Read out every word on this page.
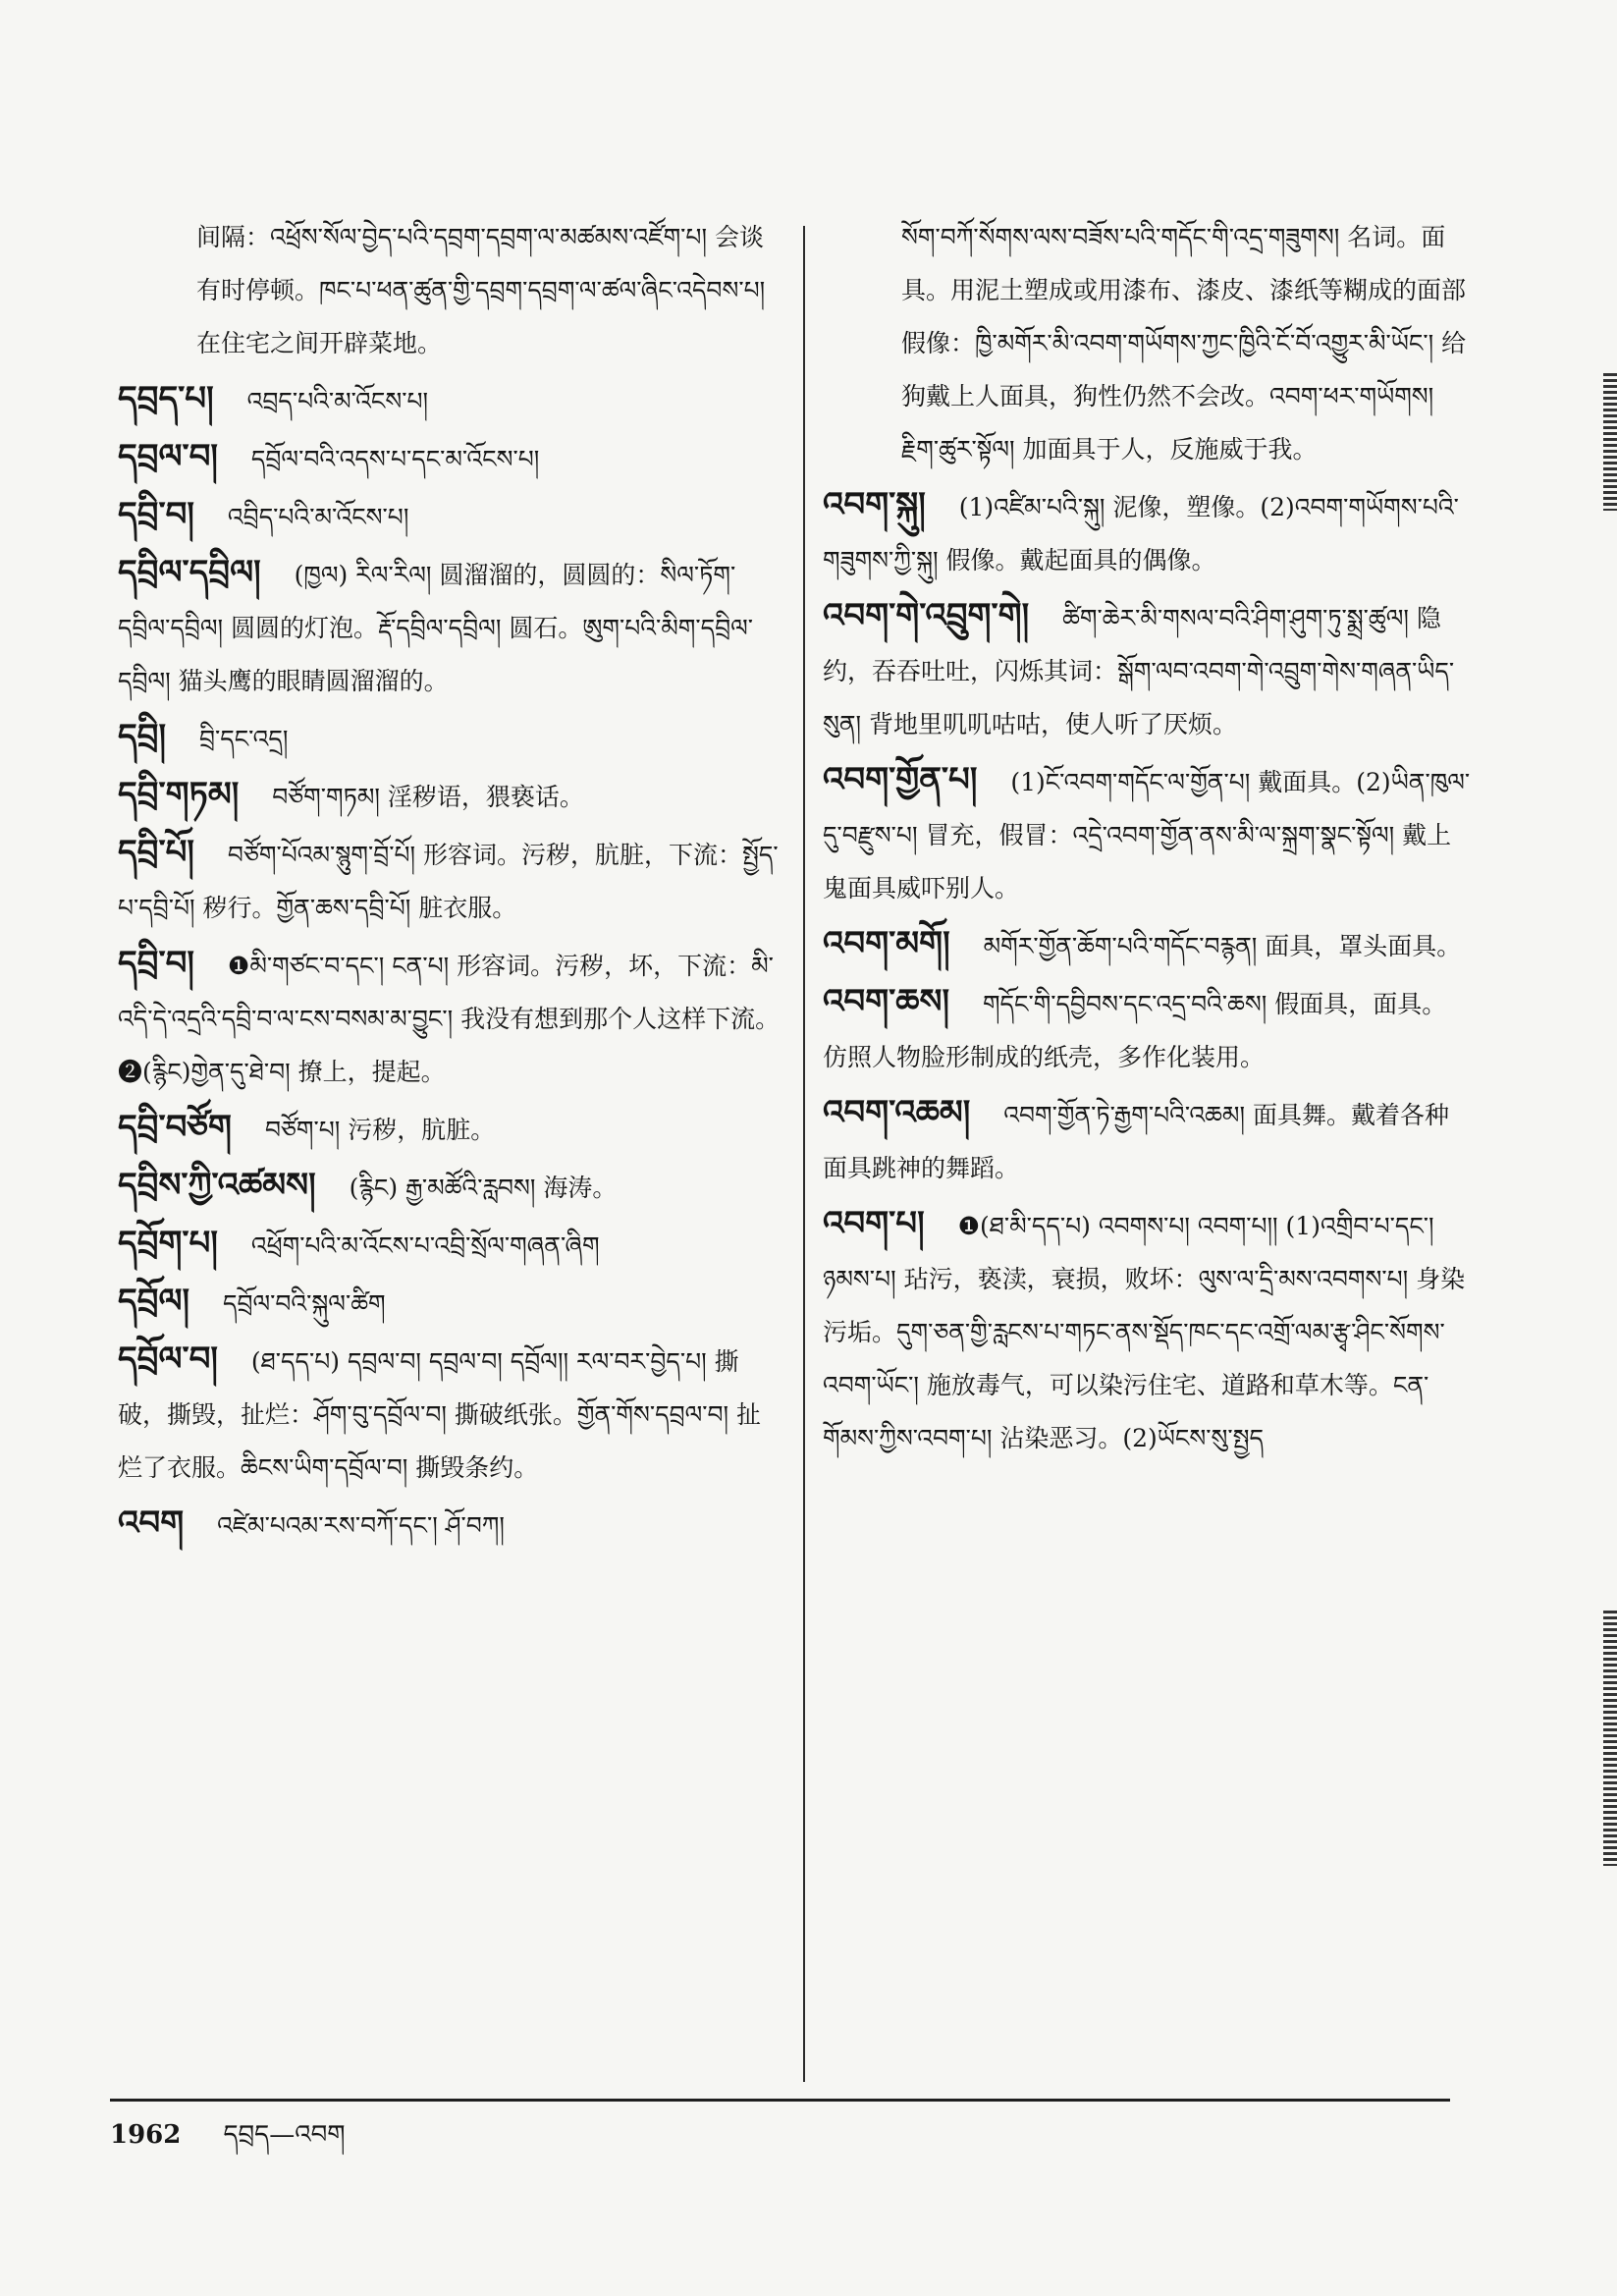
间隔：འཕྲོས་སོལ་བྱེད་པའི་དབྲག་དབྲག་ལ་མཚམས་འཛོག་པ། 会谈有时停顿。ཁང་པ་ཕན་ཚུན་གྱི་དབྲག་དབྲག་ལ་ཚལ་ཞིང་འདེབས་པ། 在住宅之间开辟菜地。
དབྲད་པ། འབྲད་པའི་མ་འོངས་པ།
དབྲལ་བ། དབྲོལ་བའི་འདས་པ་དང་མ་འོངས་པ།
དབྲི་བ། འབྲིད་པའི་མ་འོངས་པ།
དབྲིལ་དབྲིལ། (ཁྱལ) རིལ་རིལ། 圆溜溜的，圆圆的：སིལ་ཏོག་དབྲིལ་དབྲིལ། 圆圆的灯泡。རྡོ་དབྲིལ་དབྲིལ། 圆石。ཨུག་པའི་མིག་དབྲིལ་དབྲིལ། 猫头鹰的眼睛圆溜溜的。
དབྲི། བྲི་དང་འདྲ།
དབྲི་གཏམ། བཙོག་གཏམ། 淫秽语，猥亵话。
དབྲི་པོ། བཙོག་པོའམ་སྙུག་བྲོ་པོ། 形容词。污秽，肮脏，下流：སྤྱོད་པ་དབྲི་པོ། 秽行。གྱོན་ཆས་དབྲི་པོ། 脏衣服。
དབྲི་བ། ❶མི་གཙང་བ་དང་། ངན་པ། 形容词。污秽，坏，下流：མི་འདི་དེ་འདྲའི་དབྲི་བ་ལ་ངས་བསམ་མ་བྱུང་། 我没有想到那个人这样下流。❷(རྙིང)གྱེན་དུ་ཐེ་བ། 撩上，提起。
དབྲི་བཙོག བཙོག་པ། 污秽，肮脏。
དབྲིས་ཀྱི་འཚམས། (རྙིང) རྒྱ་མཚོའི་རླབས། 海涛。
དབྲོག་པ། འཕྲོག་པའི་མ་འོངས་པ་འབྲི་སྲོལ་གཞན་ཞིག
དབྲོལ། དབྲོལ་བའི་སྐུལ་ཚིག
དབྲོལ་བ། (ཐ་དད་པ) དབྲལ་བ། དབྲལ་བ། དབྲོལ།། རལ་བར་བྱེད་པ། 撕破，撕毁，扯烂：ཤོག་བུ་དབྲོལ་བ། 撕破纸张。གྱོན་གོས་དབྲལ་བ། 扯烂了衣服。ཆིངས་ཡིག་དབྲོལ་བ། 撕毁条约。
འབག འཛེམ་པའམ་རས་བཀོ་དང་། ཤོ་བཀ།
སོག་བཀོ་སོགས་ལས་བཟོས་པའི་གདོང་གི་འདྲ་གཟུགས། 名词。面具。用泥土塑成或用漆布、漆皮、漆纸等糊成的面部假像：ཁྱི་མགོར་མི་འབག་གཡོགས་ཀྱང་ཁྱིའི་ངོ་བོ་འགྱུར་མི་ཡོང་། 给狗戴上人面具，狗性仍然不会改。འབག་ཕར་གཡོགས། རྗིག་ཚུར་སྟོལ། 加面具于人，反施威于我。
འབག་སྐུ། (1)འཛིམ་པའི་སྐུ། 泥像，塑像。(2)འབག་གཡོགས་པའི་གཟུགས་ཀྱི་སྐུ། 假像。戴起面具的偶像。
འབག་གེ་འབྲུག་གེ། ཚིག་ཆེར་མི་གསལ་བའི་ཤིག་ཤུག་ཏུ་སྨྲ་ཚུལ། 隐约，吞吞吐吐，闪烁其词：སྒོག་ལབ་འབག་གེ་འབྲུག་གེས་གཞན་ཡིད་སུན། 背地里叽叽咕咕，使人听了厌烦。
འབག་གྱོན་པ། (1)ངོ་འབག་གདོང་ལ་གྱོན་པ། 戴面具。(2)ཡིན་ཁུལ་དུ་བརྫུས་པ། 冒充，假冒：འདྲེ་འབག་གྱོན་ནས་མི་ལ་སྐྲག་སྣང་སྟོལ། 戴上鬼面具威吓别人。
འབག་མགོ། མགོར་གྱོན་ཆོག་པའི་གདོང་བརྙན། 面具，罩头面具。
འབག་ཆས། གདོང་གི་དབྱིབས་དང་འདྲ་བའི་ཆས། 假面具，面具。仿照人物脸形制成的纸壳，多作化装用。
འབག་འཆམ། འབག་གྱོན་ཏེ་རྒྱག་པའི་འཆམ། 面具舞。戴着各种面具跳神的舞蹈。
འབག་པ། ❶(ཐ་མི་དད་པ) འབགས་པ། འབག་པ།། (1)འགྲིབ་པ་དང་། ཉམས་པ། 玷污，亵渎，衰损，败坏：ལུས་ལ་དྲི་མས་འབགས་པ། 身染污垢。དུག་ཅན་གྱི་རླངས་པ་གཏང་ནས་སྡོད་ཁང་དང་འགྲོ་ལམ་རྩྭ་ཤིང་སོགས་འབག་ཡོང་། 施放毒气，可以染污住宅、道路和草木等。ངན་གོམས་ཀྱིས་འབག་པ། 沾染恶习。(2)ཡོངས་སུ་སྤྱད
1962 དབྲད—འབག
